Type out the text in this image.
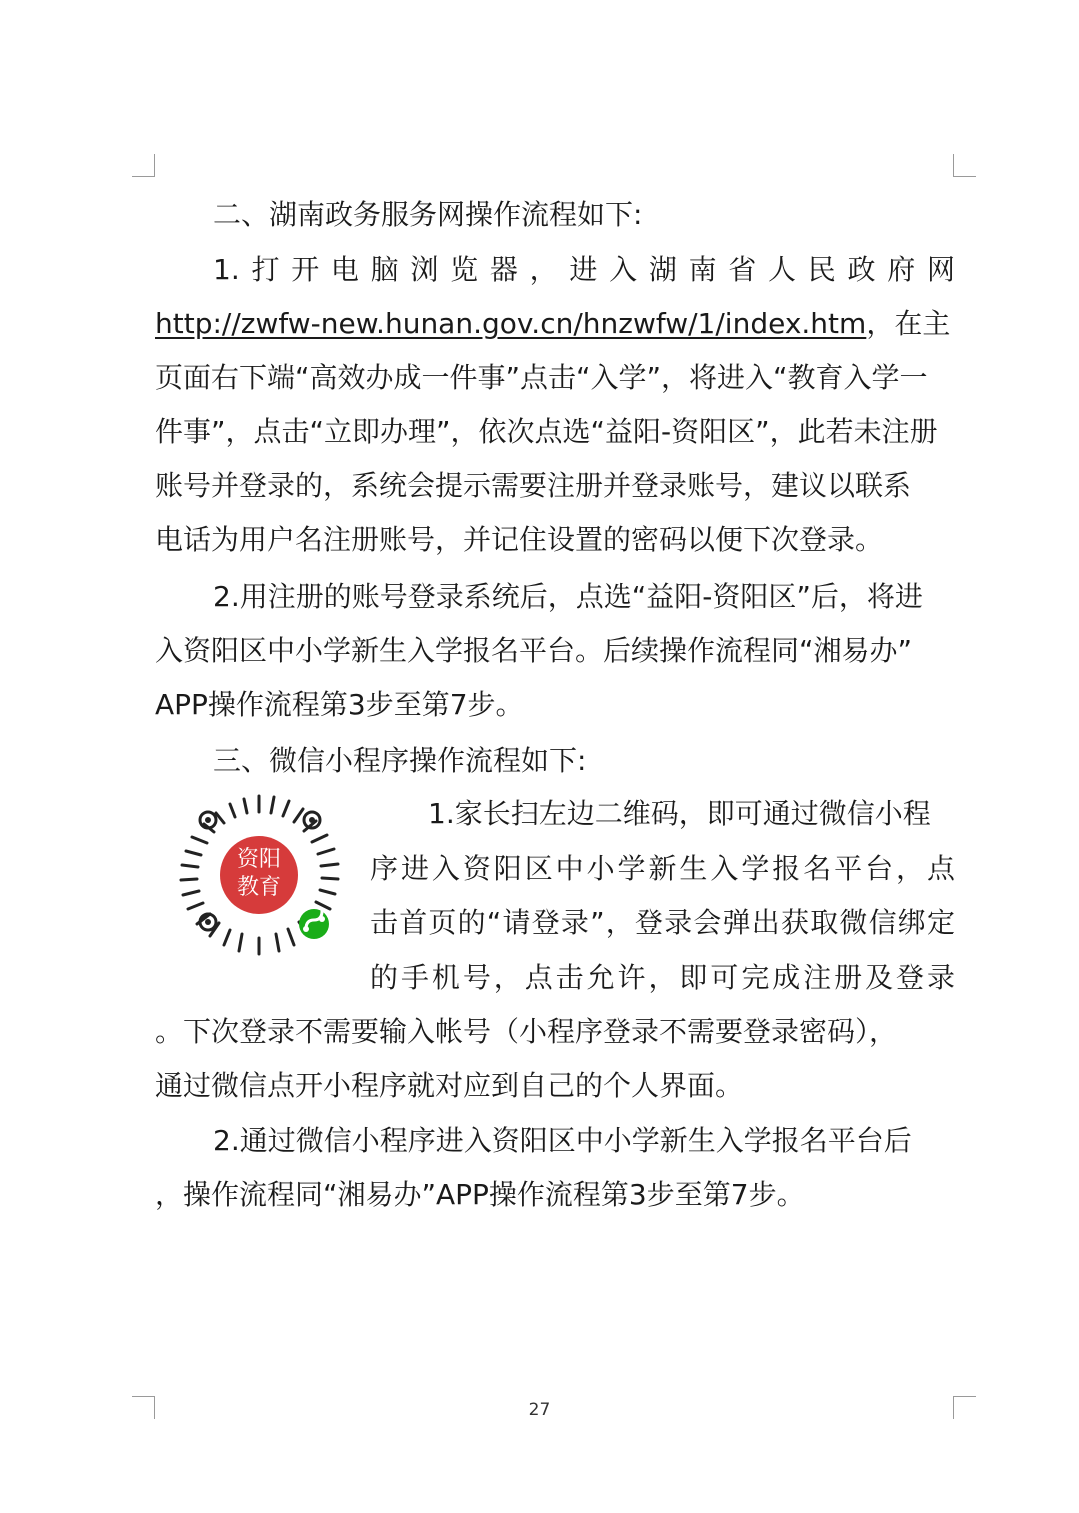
二、湖南政务服务网操作流程如下:
1.打开电脑浏览器，进入湖南省人民政府网
http://zwfw-new.hunan.gov.cn/hnzwfw/1/index.htm，在主
页面右下端“高效办成一件事”点击“入学”，将进入“教育入学一
件事”，点击“立即办理”，依次点选“益阳-资阳区”，此若未注册
账号并登录的，系统会提示需要注册并登录账号，建议以联系
电话为用户名注册账号，并记住设置的密码以便下次登录。
2.用注册的账号登录系统后，点选“益阳-资阳区”后，将进
入资阳区中小学新生入学报名平台。后续操作流程同“湘易办”
APP操作流程第3步至第7步。
三、微信小程序操作流程如下:
资阳
教育
1.家长扫左边二维码，即可通过微信小程
序进入资阳区中小学新生入学报名平台，点
击首页的“请登录”，登录会弹出获取微信绑定
的手机号，点击允许，即可完成注册及登录
。下次登录不需要输入帐号（小程序登录不需要登录密码），
通过微信点开小程序就对应到自己的个人界面。
2.通过微信小程序进入资阳区中小学新生入学报名平台后
，操作流程同“湘易办”APP操作流程第3步至第7步。
27
